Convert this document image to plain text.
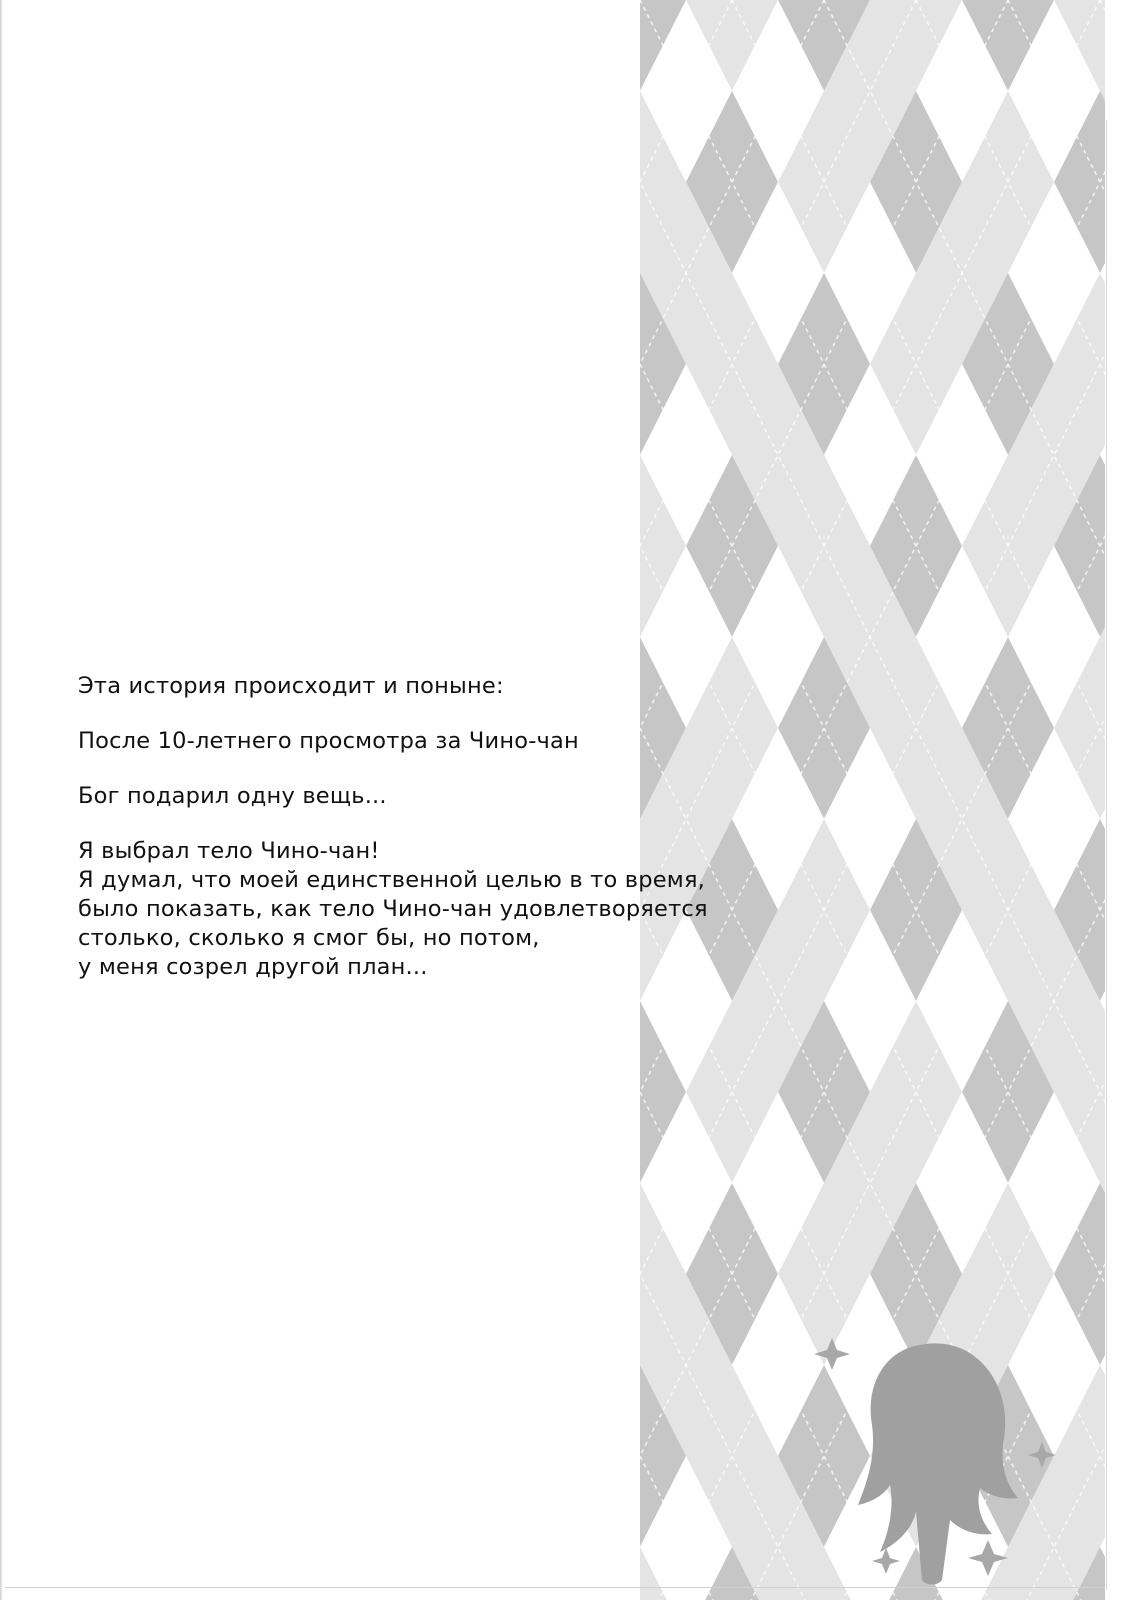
Эта история происходит и поныне:
После 10-летнего просмотра за Чино-чан
Бог подарил одну вещь...
Я выбрал тело Чино-чан!
Я думал, что моей единственной целью в то время,
было показать, как тело Чино-чан удовлетворяется
столько, сколько я смог бы, но потом,
у меня созрел другой план...
